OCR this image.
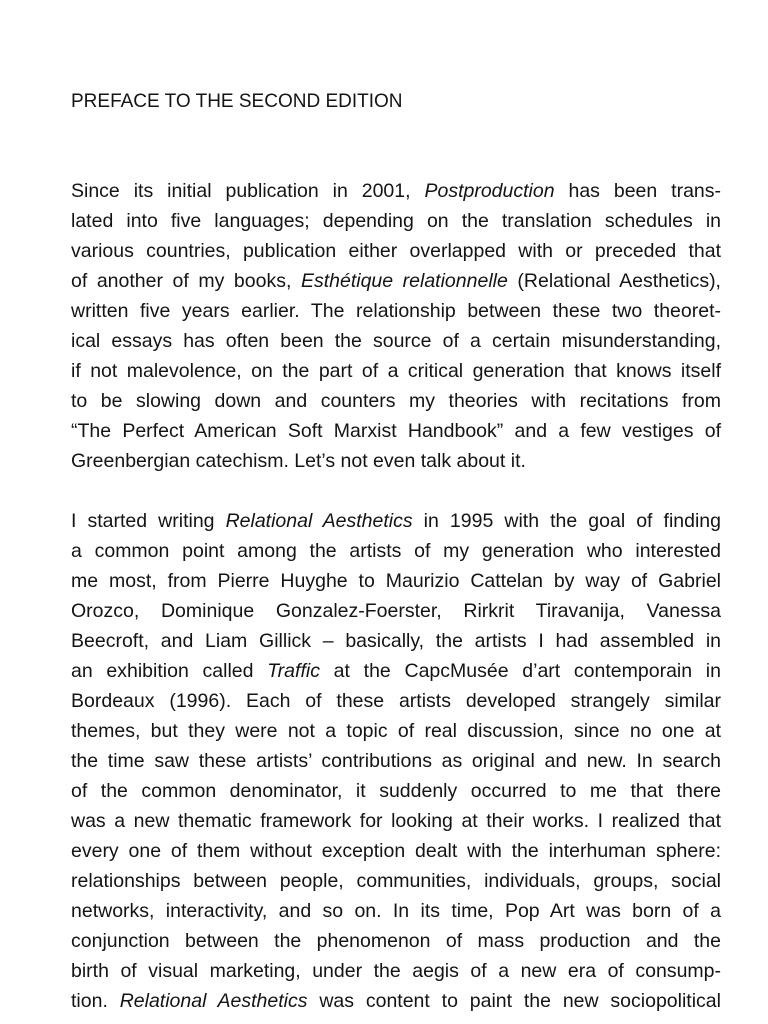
PREFACE TO THE SECOND EDITION
Since its initial publication in 2001, Postproduction has been trans-
lated into five languages; depending on the translation schedules in
various countries, publication either overlapped with or preceded that
of another of my books, Esthétique relationnelle (Relational Aesthetics),
written five years earlier. The relationship between these two theoret-
ical essays has often been the source of a certain misunderstanding,
if not malevolence, on the part of a critical generation that knows itself
to be slowing down and counters my theories with recitations from
“The Perfect American Soft Marxist Handbook” and a few vestiges of
Greenbergian catechism. Let’s not even talk about it.
I started writing Relational Aesthetics in 1995 with the goal of finding
a common point among the artists of my generation who interested
me most, from Pierre Huyghe to Maurizio Cattelan by way of Gabriel
Orozco, Dominique Gonzalez-Foerster, Rirkrit Tiravanija, Vanessa
Beecroft, and Liam Gillick – basically, the artists I had assembled in
an exhibition called Traffic at the CapcMusée d’art contemporain in
Bordeaux (1996). Each of these artists developed strangely similar
themes, but they were not a topic of real discussion, since no one at
the time saw these artists’ contributions as original and new. In search
of the common denominator, it suddenly occurred to me that there
was a new thematic framework for looking at their works. I realized that
every one of them without exception dealt with the interhuman sphere:
relationships between people, communities, individuals, groups, social
networks, interactivity, and so on. In its time, Pop Art was born of a
conjunction between the phenomenon of mass production and the
birth of visual marketing, under the aegis of a new era of consump-
tion. Relational Aesthetics was content to paint the new sociopolitical
